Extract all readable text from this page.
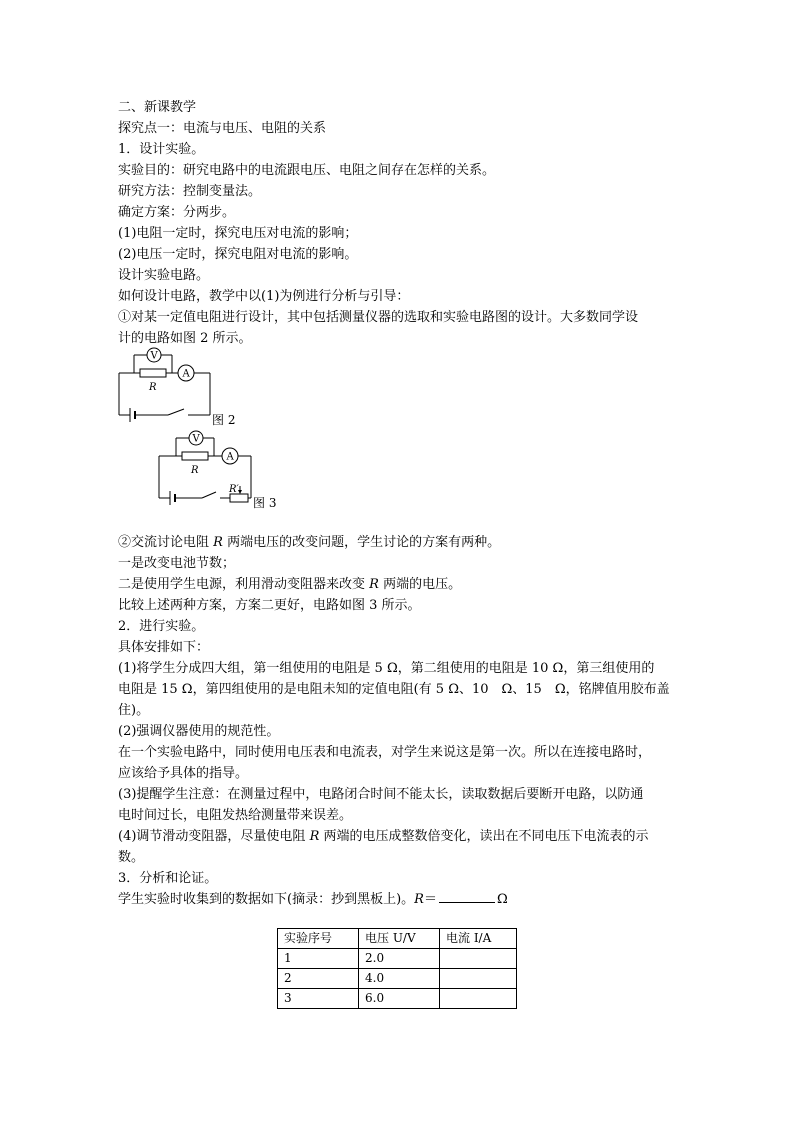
二、新课教学
探究点一：电流与电压、电阻的关系
1．设计实验。
实验目的：研究电路中的电流跟电压、电阻之间存在怎样的关系。
研究方法：控制变量法。
确定方案：分两步。
(1)电阻一定时，探究电压对电流的影响；
(2)电压一定时，探究电阻对电流的影响。
设计实验电路。
如何设计电路，教学中以(1)为例进行分析与引导：
①对某一定值电阻进行设计，其中包括测量仪器的选取和实验电路图的设计。大多数同学设
计的电路如图 2 所示。
V
A
R
图 2
V
A
R
R′
图 3
②交流讨论电阻 R 两端电压的改变问题，学生讨论的方案有两种。
一是改变电池节数；
二是使用学生电源，利用滑动变阻器来改变 R 两端的电压。
比较上述两种方案，方案二更好，电路如图 3 所示。
2．进行实验。
具体安排如下：
(1)将学生分成四大组，第一组使用的电阻是 5 Ω，第二组使用的电阻是 10 Ω，第三组使用的
电阻是 15 Ω，第四组使用的是电阻未知的定值电阻(有 5 Ω、10　Ω、15　Ω，铭牌值用胶布盖
住)。
(2)强调仪器使用的规范性。
在一个实验电路中，同时使用电压表和电流表，对学生来说这是第一次。所以在连接电路时，
应该给予具体的指导。
(3)提醒学生注意：在测量过程中，电路闭合时间不能太长，读取数据后要断开电路，以防通
电时间过长，电阻发热给测量带来误差。
(4)调节滑动变阻器，尽量使电阻 R 两端的电压成整数倍变化，读出在不同电压下电流表的示
数。
3．分析和论证。
学生实验时收集到的数据如下(摘录：抄到黑板上)。R＝	Ω
实验序号	电压 U/V	电流 I/A
1	2.0	
2	4.0	
3	6.0	
